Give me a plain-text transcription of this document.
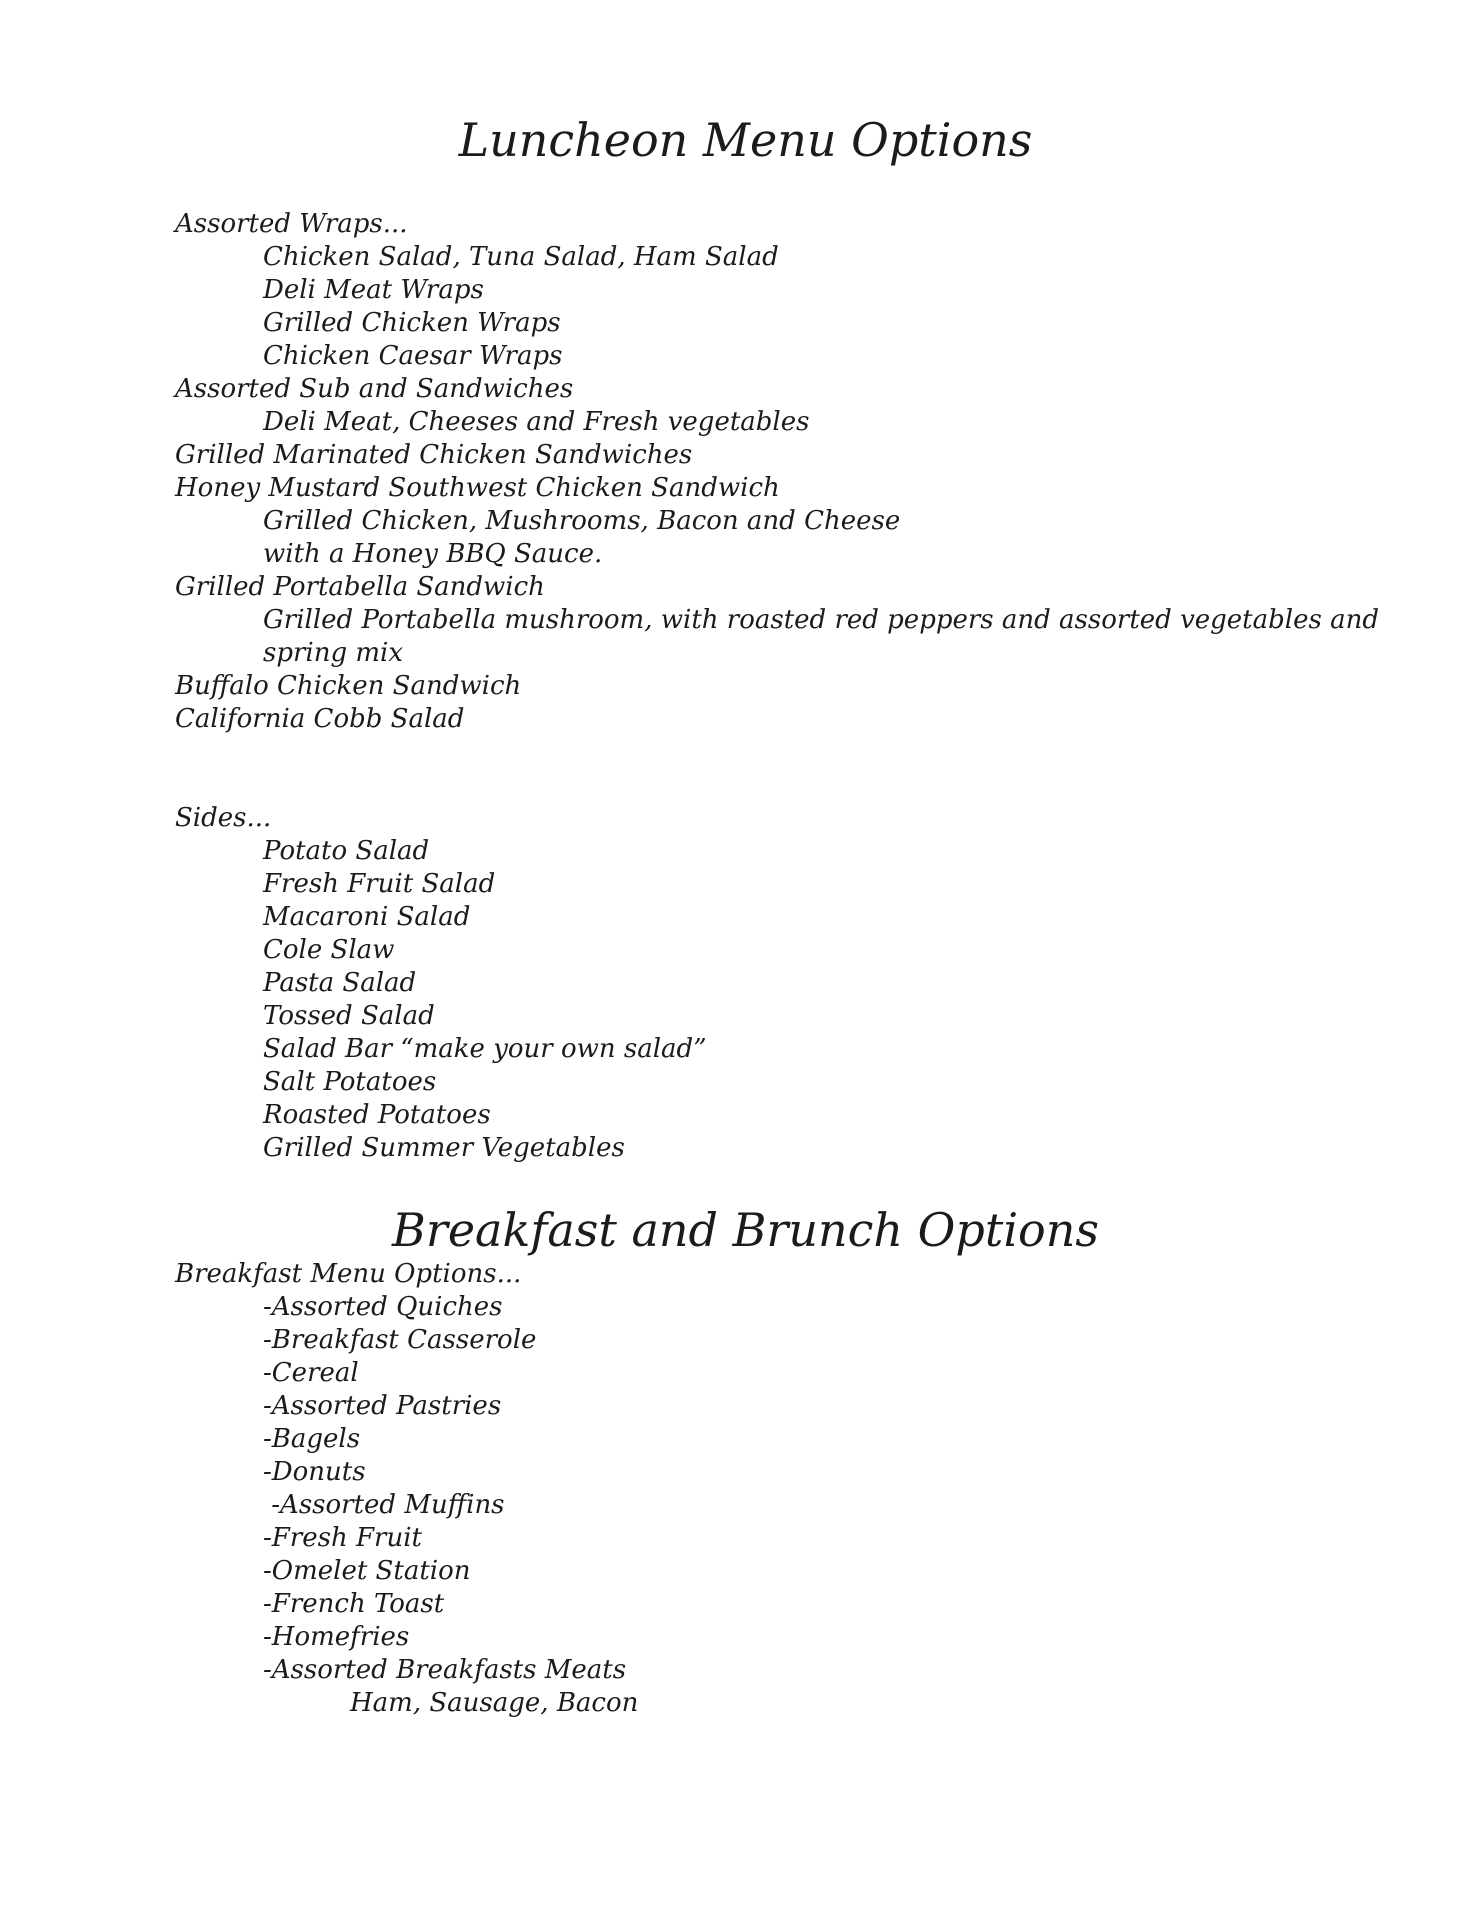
Luncheon Menu Options
Assorted Wraps...
Chicken Salad, Tuna Salad, Ham Salad
Deli Meat Wraps
Grilled Chicken Wraps
Chicken Caesar Wraps
Assorted Sub and Sandwiches
Deli Meat, Cheeses and Fresh vegetables
Grilled Marinated Chicken Sandwiches
Honey Mustard Southwest Chicken Sandwich
Grilled Chicken, Mushrooms, Bacon and Cheese
with a Honey BBQ Sauce.
Grilled Portabella Sandwich
Grilled Portabella mushroom, with roasted red peppers and assorted vegetables and
spring mix
Buffalo Chicken Sandwich
California Cobb Salad

Sides...
Potato Salad
Fresh Fruit Salad
Macaroni Salad
Cole Slaw
Pasta Salad
Tossed Salad
Salad Bar “make your own salad”
Salt Potatoes
Roasted Potatoes
Grilled Summer Vegetables
Breakfast and Brunch Options
Breakfast Menu Options...
-Assorted Quiches
-Breakfast Casserole
-Cereal
-Assorted Pastries
-Bagels
-Donuts
-Assorted Muffins
-Fresh Fruit
-Omelet Station
-French Toast
-Homefries
-Assorted Breakfasts Meats
Ham, Sausage, Bacon
